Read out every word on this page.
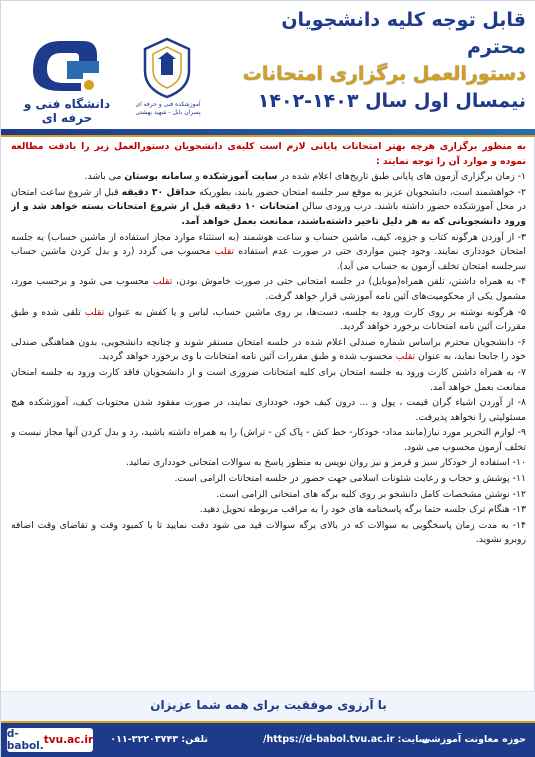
قابل توجه کلیه دانشجویان محترم
دستورالعمل برگزاری امتحانات
نیمسال اول سال ۱۴۰۳-۱۴۰۲
آموزشکده فنی و حرفه ای پسران بابل - شهید بهشتی
دانشگاه فنی و حرفه ای

به منظور برگزاری هرچه بهتر امتحانات پایانی لازم است کلیه‌ی دانشجویان دستورالعمل زیر را بادقت مطالعه نموده و موارد آن را توجه نمایند :

۱- زمان برگزاری آزمون های پایانی طبق تاریخ‌های اعلام شده در سایت آموزشکده و سامانه بوستان می باشد.

۲- خواهشمند است، دانشجویان عزیز به موقع سر جلسه امتحان حضور یابند، بطوریکه حداقل ۳۰ دقیقه قبل از شروع ساعت امتحان در محل آموزشکده حضور داشته باشند. درب ورودی سالن امتحانات ۱۰ دقیقه قبل از شروع امتحانات بسته خواهد شد و از ورود دانشجویانی که به هر دلیل تاخیر داشته‌باشند، ممانعت بعمل خواهد آمد.

۳- از آوردن هرگونه کتاب و جزوه، کیف، ماشین حساب و ساعت هوشمند (به استثناء موارد مجاز استفاده از ماشین حساب) به جلسه امتحان خودداری نمایند. وجود چنین مواردی حتی در صورت عدم استفاده تقلب محسوب می گردد (رد و بدل کردن ماشین حساب سرجلسه امتحان تخلف آزمون به حساب می آید).

۴- به همراه داشتن، تلفن همراه(موبایل) در جلسه امتحانی حتی در صورت خاموش بودن، تقلب محسوب می شود و برحسب مورد، مشمول یکی از محکومیت‌های آئین نامه آموزشی قرار خواهد گرفت.

۵- هرگونه نوشته بر روی کارت ورود به جلسه، دست‌ها، بر روی ماشین حساب، لباس و یا کفش به عنوان تقلب تلقی شده و طبق مقررات آئین نامه امتحانات برخورد خواهد گردید.

۶- دانشجویان محترم براساس شماره صندلی اعلام شده در جلسه امتحان مستقر شوند و چنانچه دانشجویی، بدون هماهنگی صندلی خود را جابجا نماید، به عنوان تقلب محسوب شده و طبق مقررات آئین نامه امتحانات با وی برخورد خواهد گردید.

۷- به همراه داشتن کارت ورود به جلسه امتحان برای کلیه امتحانات ضروری است و از دانشجویان فاقد کارت ورود به جلسه امتحان ممانعت بعمل خواهد آمد.

۸- از آوردن اشیاء گران قیمت ، پول و ... درون کیف خود، خودداری نمایند، در صورت مفقود شدن محتویات کیف، آموزشکده هیچ مسئولیتی را نخواهد پذیرفت.

۹- لوازم التحریر مورد نیاز(مانند مداد- خودکار- خط کش - پاک کن - تراش) را به همراه داشته باشید، رد و بدل کردن آنها مجاز نیست و تخلف آزمون محسوب می شود.

۱۰- استفاده از خودکار سبز و قرمز و نیز روان نویس به منظور پاسخ به سوالات امتحانی خودداری نمائید.

۱۱- پوشش و حجاب و رعایت شئونات اسلامی جهت حضور در جلسه امتحانات الزامی است.

۱۲- نوشتن مشخصات کامل دانشجو بر روی کلیه برگه های امتحانی الزامی است.

۱۳- هنگام ترک جلسه حتما برگه پاسخنامه های خود را به مراقب مربوطه تحویل دهید.

۱۴- به مدت زمان پاسخگویی به سوالات که در بالای برگه سوالات قید می شود دقت نمایید تا با کمبود وقت و تقاضای وقت اضافه روبرو نشوید.

با آرزوی موفقیت برای همه شما عزیزان
حوزه معاونت آموزشی
سایت: https://d-babol.tvu.ac.ir/
تلفن: ۳۲۲۰۳۷۴۳-۰۱۱
d-babol. tvu.ac.ir
